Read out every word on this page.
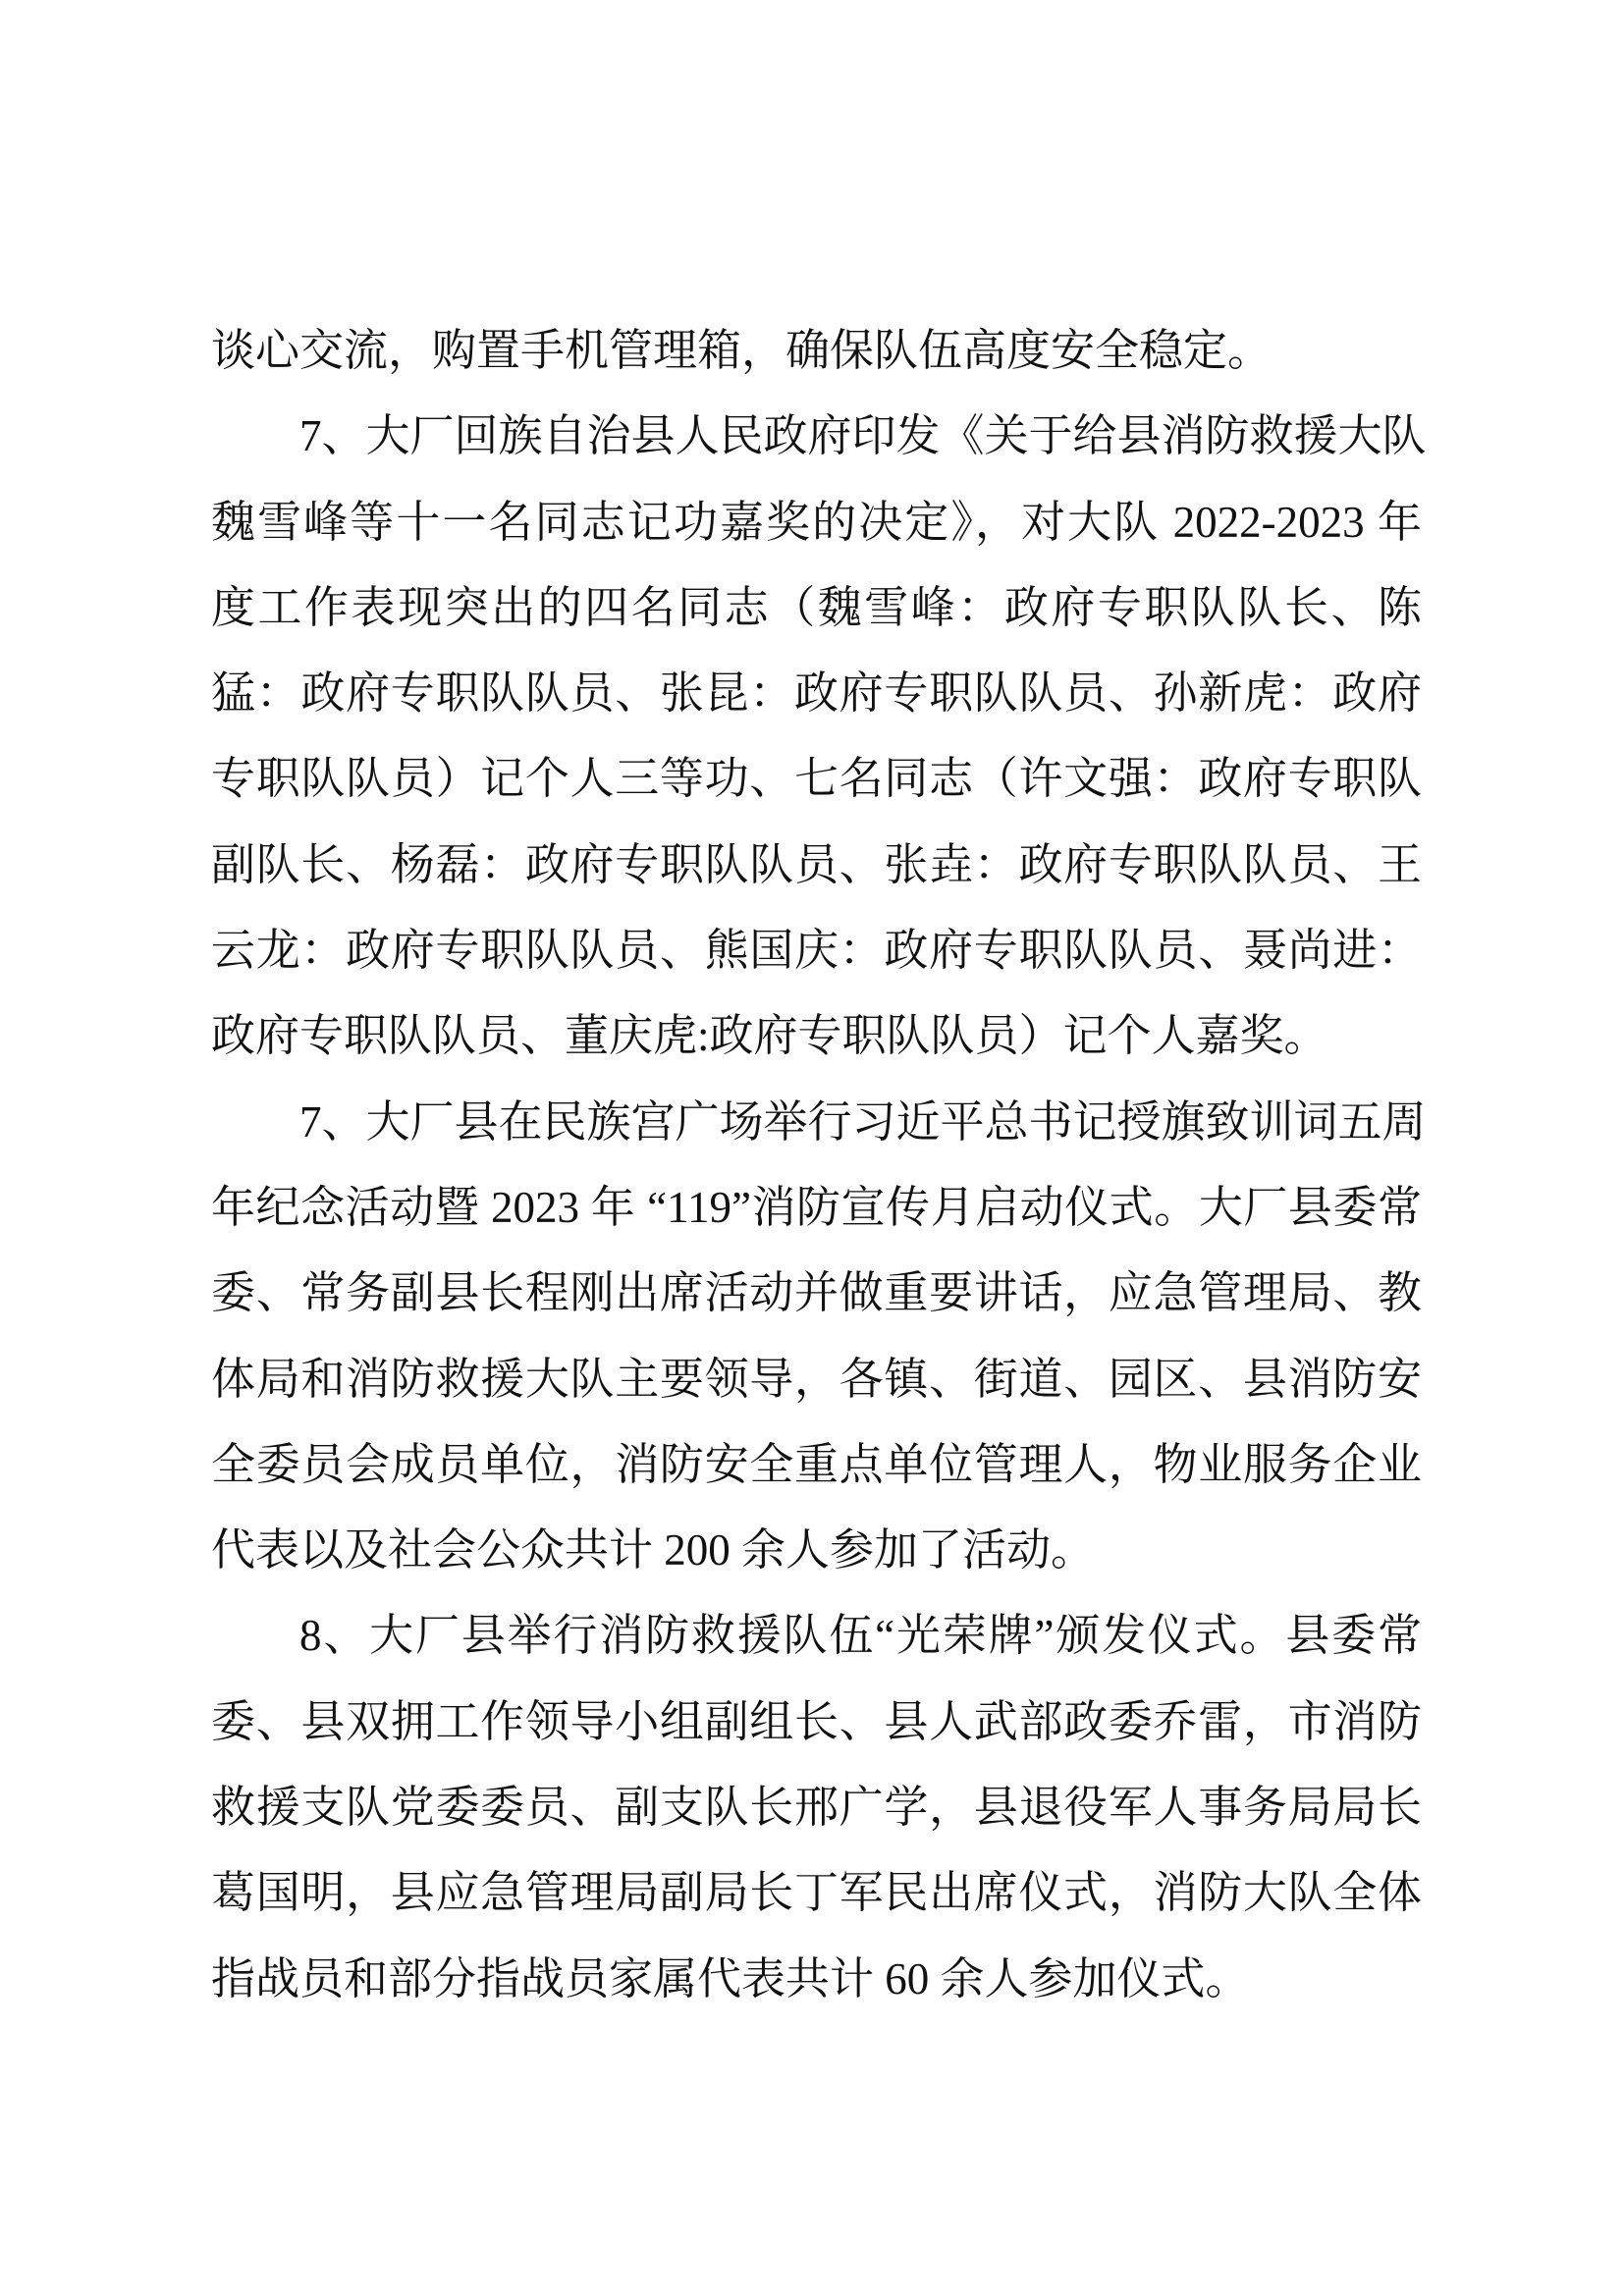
谈心交流，购置手机管理箱，确保队伍高度安全稳定。
7、大厂回族自治县人民政府印发《关于给县消防救援大队
魏雪峰等十一名同志记功嘉奖的决定》，对大队 2022-2023 年
度工作表现突出的四名同志（魏雪峰：政府专职队队长、陈
猛：政府专职队队员、张昆：政府专职队队员、孙新虎：政府
专职队队员）记个人三等功、七名同志（许文强：政府专职队
副队长、杨磊：政府专职队队员、张垚：政府专职队队员、王
云龙：政府专职队队员、熊国庆：政府专职队队员、聂尚进：
政府专职队队员、董庆虎:政府专职队队员）记个人嘉奖。
7、大厂县在民族宫广场举行习近平总书记授旗致训词五周
年纪念活动暨 2023 年 “119”消防宣传月启动仪式。大厂县委常
委、常务副县长程刚出席活动并做重要讲话，应急管理局、教
体局和消防救援大队主要领导，各镇、街道、园区、县消防安
全委员会成员单位，消防安全重点单位管理人，物业服务企业
代表以及社会公众共计 200 余人参加了活动。
8、大厂县举行消防救援队伍“光荣牌”颁发仪式。县委常
委、县双拥工作领导小组副组长、县人武部政委乔雷，市消防
救援支队党委委员、副支队长邢广学，县退役军人事务局局长
葛国明，县应急管理局副局长丁军民出席仪式，消防大队全体
指战员和部分指战员家属代表共计 60 余人参加仪式。
